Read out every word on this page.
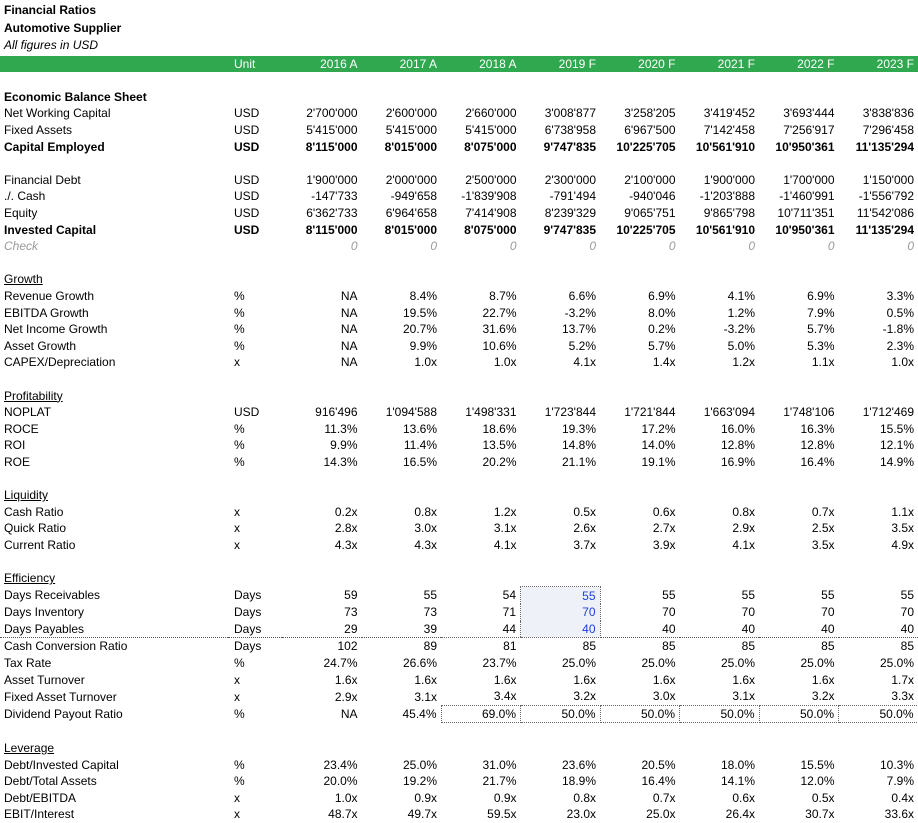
Financial Ratios
Automotive Supplier
All figures in USD
	Unit	2016 A	2017 A	2018 A	2019 F	2020 F	2021 F	2022 F	2023 F

Economic Balance Sheet									
Net Working Capital	USD	2'700'000	2'600'000	2'660'000	3'008'877	3'258'205	3'419'452	3'693'444	3'838'836
Fixed Assets	USD	5'415'000	5'415'000	5'415'000	6'738'958	6'967'500	7'142'458	7'256'917	7'296'458
Capital Employed	USD	8'115'000	8'015'000	8'075'000	9'747'835	10'225'705	10'561'910	10'950'361	11'135'294

Financial Debt	USD	1'900'000	2'000'000	2'500'000	2'300'000	2'100'000	1'900'000	1'700'000	1'150'000
./. Cash	USD	-147'733	-949'658	-1'839'908	-791'494	-940'046	-1'203'888	-1'460'991	-1'556'792
Equity	USD	6'362'733	6'964'658	7'414'908	8'239'329	9'065'751	9'865'798	10'711'351	11'542'086
Invested Capital	USD	8'115'000	8'015'000	8'075'000	9'747'835	10'225'705	10'561'910	10'950'361	11'135'294
Check		0	0	0	0	0	0	0	0

Growth									
Revenue Growth	%	NA	8.4%	8.7%	6.6%	6.9%	4.1%	6.9%	3.3%
EBITDA Growth	%	NA	19.5%	22.7%	-3.2%	8.0%	1.2%	7.9%	0.5%
Net Income Growth	%	NA	20.7%	31.6%	13.7%	0.2%	-3.2%	5.7%	-1.8%
Asset Growth	%	NA	9.9%	10.6%	5.2%	5.7%	5.0%	5.3%	2.3%
CAPEX/Depreciation	x	NA	1.0x	1.0x	4.1x	1.4x	1.2x	1.1x	1.0x

Profitability									
NOPLAT	USD	916'496	1'094'588	1'498'331	1'723'844	1'721'844	1'663'094	1'748'106	1'712'469
ROCE	%	11.3%	13.6%	18.6%	19.3%	17.2%	16.0%	16.3%	15.5%
ROI	%	9.9%	11.4%	13.5%	14.8%	14.0%	12.8%	12.8%	12.1%
ROE	%	14.3%	16.5%	20.2%	21.1%	19.1%	16.9%	16.4%	14.9%

Liquidity									
Cash Ratio	x	0.2x	0.8x	1.2x	0.5x	0.6x	0.8x	0.7x	1.1x
Quick Ratio	x	2.8x	3.0x	3.1x	2.6x	2.7x	2.9x	2.5x	3.5x
Current Ratio	x	4.3x	4.3x	4.1x	3.7x	3.9x	4.1x	3.5x	4.9x

Efficiency									
Days Receivables	Days	59	55	54	55	55	55	55	55
Days Inventory	Days	73	73	71	70	70	70	70	70
Days Payables	Days	29	39	44	40	40	40	40	40
Cash Conversion Ratio	Days	102	89	81	85	85	85	85	85
Tax Rate	%	24.7%	26.6%	23.7%	25.0%	25.0%	25.0%	25.0%	25.0%
Asset Turnover	x	1.6x	1.6x	1.6x	1.6x	1.6x	1.6x	1.6x	1.7x
Fixed Asset Turnover	x	2.9x	3.1x	3.4x	3.2x	3.0x	3.1x	3.2x	3.3x
Dividend Payout Ratio	%	NA	45.4%	69.0%	50.0%	50.0%	50.0%	50.0%	50.0%

Leverage									
Debt/Invested Capital	%	23.4%	25.0%	31.0%	23.6%	20.5%	18.0%	15.5%	10.3%
Debt/Total Assets	%	20.0%	19.2%	21.7%	18.9%	16.4%	14.1%	12.0%	7.9%
Debt/EBITDA	x	1.0x	0.9x	0.9x	0.8x	0.7x	0.6x	0.5x	0.4x
EBIT/Interest	x	48.7x	49.7x	59.5x	23.0x	25.0x	26.4x	30.7x	33.6x
